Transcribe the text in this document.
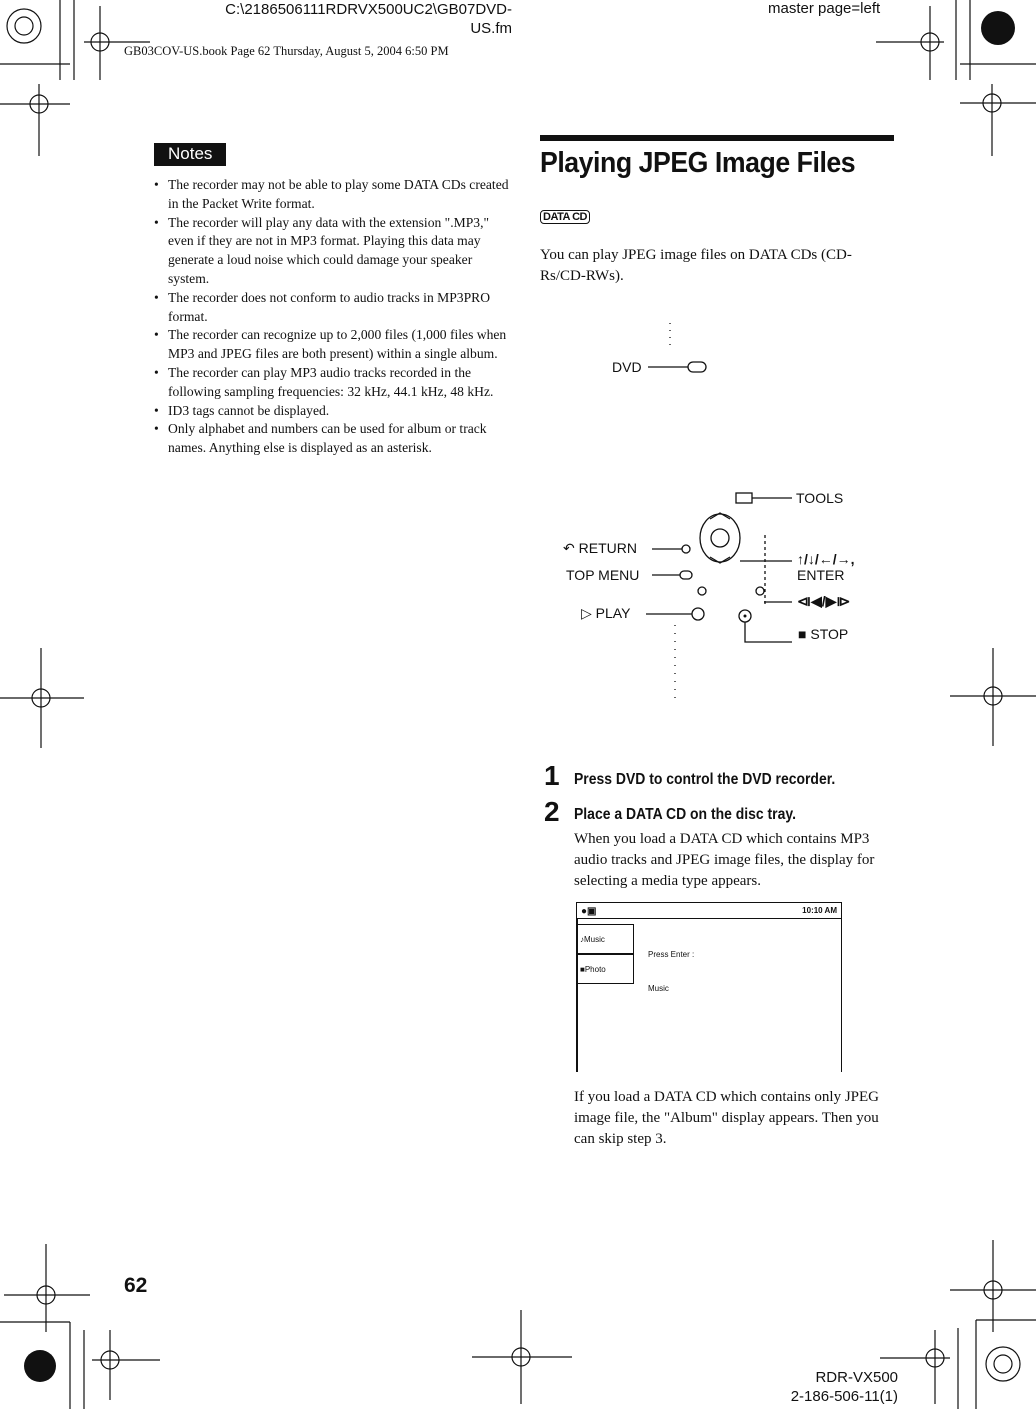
C:\2186506111RDRVX500UC2\GB07DVD-
US.fm
master page=left
GB03COV-US.book Page 62 Thursday, August 5, 2004 6:50 PM
Notes
• The recorder may not be able to play some DATA CDs created in the Packet Write format.
• The recorder will play any data with the extension ".MP3," even if they are not in MP3 format. Playing this data may generate a loud noise which could damage your speaker system.
• The recorder does not conform to audio tracks in MP3PRO format.
• The recorder can recognize up to 2,000 files (1,000 files when MP3 and JPEG files are both present) within a single album.
• The recorder can play MP3 audio tracks recorded in the following sampling frequencies: 32 kHz, 44.1 kHz, 48 kHz.
• ID3 tags cannot be displayed.
• Only alphabet and numbers can be used for album or track names. Anything else is displayed as an asterisk.
Playing JPEG Image Files
DATA CD

You can play JPEG image files on DATA CDs (CD-Rs/CD-RWs).

DVD
TOOLS
↶ RETURN
↑/↓/←/→,
ENTER
TOP MENU
⧏◀/▶⧐
▷ PLAY
■ STOP
1 Press DVD to control the DVD recorder.
2 Place a DATA CD on the disc tray.

When you load a DATA CD which contains MP3 audio tracks and JPEG image files, the display for selecting a media type appears.

●▣	10:10 AM
♪Music
■Photo
Press Enter :
Music

If you load a DATA CD which contains only JPEG image file, the "Album" display appears. Then you can skip step 3.

62
RDR-VX500
2-186-506-11(1)
